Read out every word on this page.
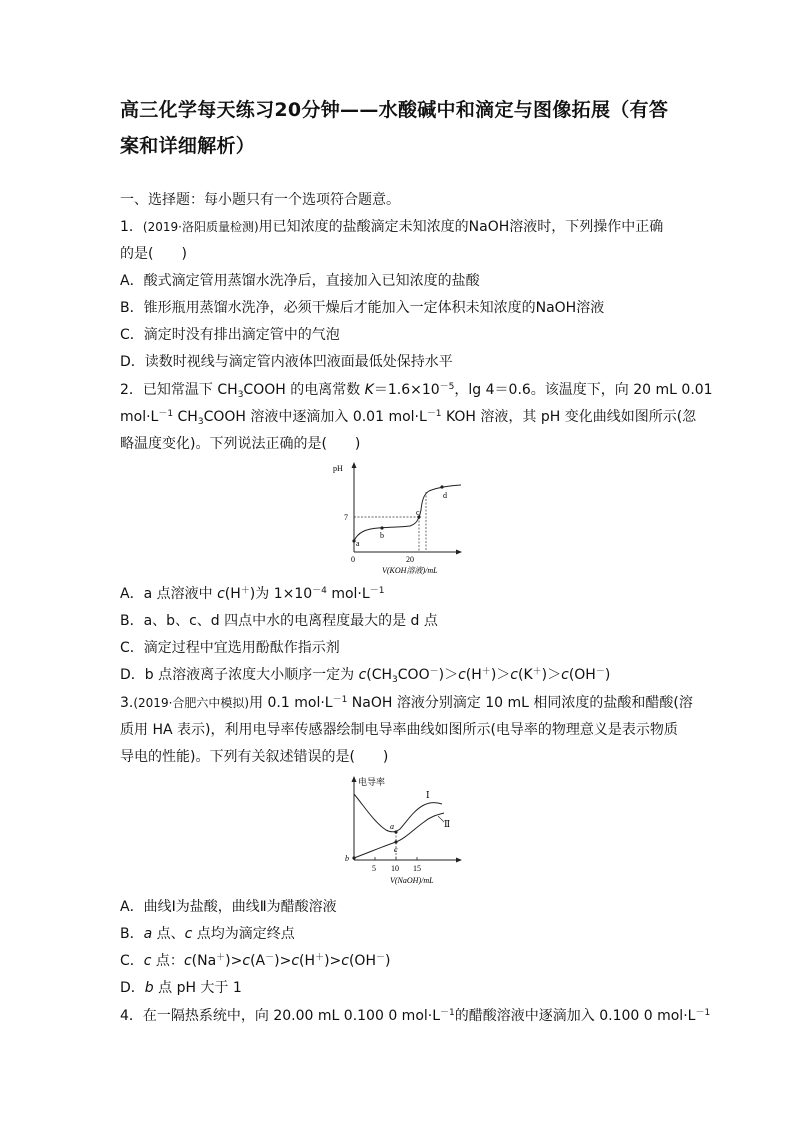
高三化学每天练习20分钟——水酸碱中和滴定与图像拓展（有答案和详细解析）
一、选择题：每小题只有一个选项符合题意。
1．(2019·洛阳质量检测)用已知浓度的盐酸滴定未知浓度的NaOH溶液时，下列操作中正确
的是(　　)
A．酸式滴定管用蒸馏水洗净后，直接加入已知浓度的盐酸
B．锥形瓶用蒸馏水洗净，必须干燥后才能加入一定体积未知浓度的NaOH溶液
C．滴定时没有排出滴定管中的气泡
D．读数时视线与滴定管内液体凹液面最低处保持水平
2．已知常温下 $CH_3COOH$ 的电离常数 $K=1.6\times 10^{-5}$，lg 4＝0.6。该温度下，向 20 mL 0.01
$mol\cdot L^{-1}$ $CH_3COOH$ 溶液中逐滴加入 0.01 $mol\cdot L^{-1}$ KOH 溶液，其 pH 变化曲线如图所示(忽
略温度变化)。下列说法正确的是(　　)
pH
7
0	20
V(KOH溶液)/mL
a
b
c
d
A．a 点溶液中 c(H＋)为 $1\times 10^{-4}$ $mol\cdot L^{-1}$
B．a、b、c、d 四点中水的电离程度最大的是 d 点
C．滴定过程中宜选用酚酞作指示剂
D．b 点溶液离子浓度大小顺序一定为 $c(CH_3COO^-)>c(H^+)>c(K^+)>c(OH^-)$
3.(2019·合肥六中模拟)用 0.1 $mol\cdot L^{-1}$ NaOH 溶液分别滴定 10 mL 相同浓度的盐酸和醋酸(溶
质用 HA 表示)，利用电导率传感器绘制电导率曲线如图所示(电导率的物理意义是表示物质
导电的性能)。下列有关叙述错误的是(　　)
电导率
5 10 15
V(NaOH)/mL
a
b
c
Ⅰ
Ⅱ
A．曲线Ⅰ为盐酸，曲线Ⅱ为醋酸溶液
B．a 点、c 点均为滴定终点
C．c 点：c(Na＋)>c(A－)>c(H＋)>c(OH－)
D．b 点 pH 大于 1
4．在一隔热系统中，向 20.00 mL 0.100 0 $mol\cdot L^{-1}$的醋酸溶液中逐滴加入 0.100 0 $mol\cdot L^{-1}$
